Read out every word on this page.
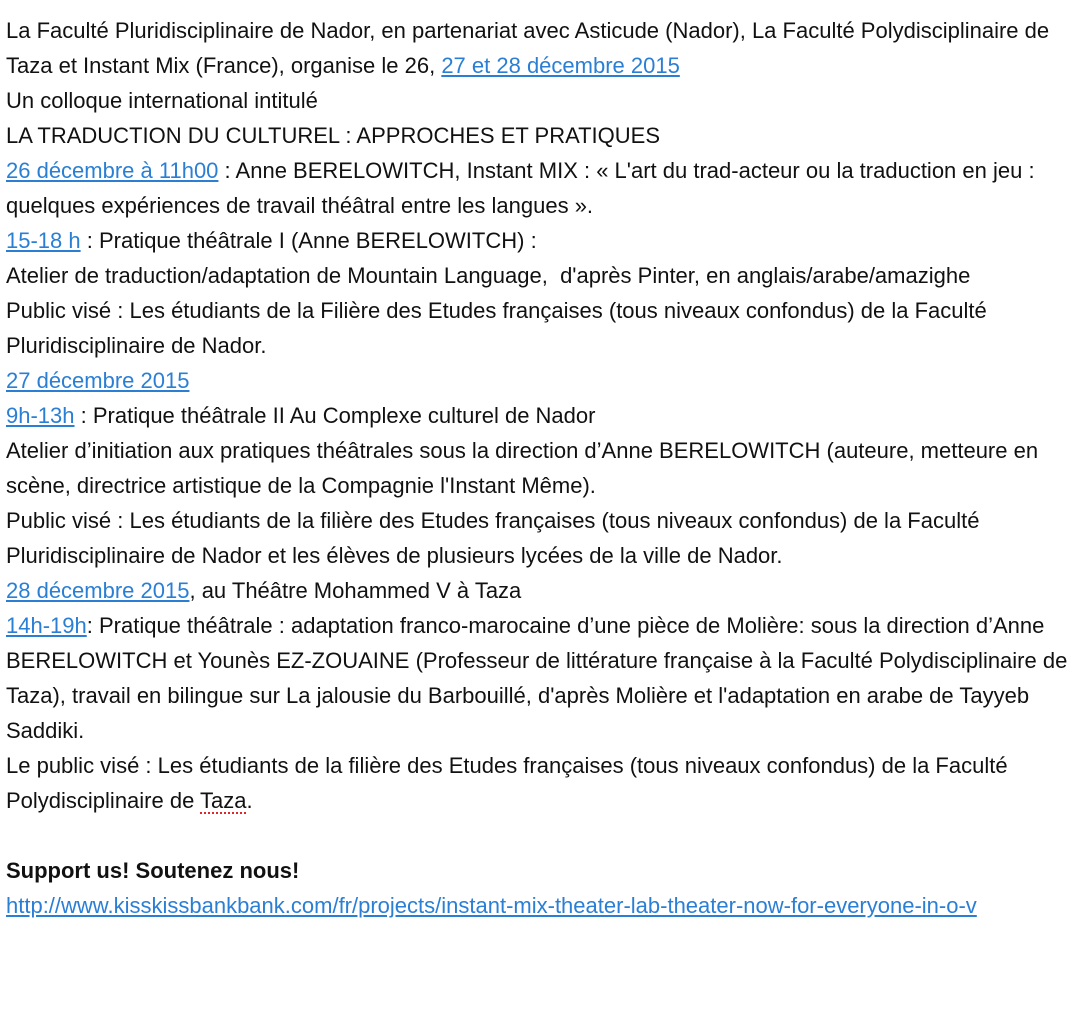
La Faculté Pluridisciplinaire de Nador, en partenariat avec Asticude (Nador), La Faculté Polydisciplinaire de Taza et Instant Mix (France), organise le 26, 27 et 28 décembre 2015
Un colloque international intitulé
LA TRADUCTION DU CULTUREL : APPROCHES ET PRATIQUES
26 décembre à 11h00 : Anne BERELOWITCH, Instant MIX : « L'art du trad-acteur ou la traduction en jeu : quelques expériences de travail théâtral entre les langues ».
15-18 h : Pratique théâtrale I (Anne BERELOWITCH) :
Atelier de traduction/adaptation de Mountain Language,  d'après Pinter, en anglais/arabe/amazighe
Public visé : Les étudiants de la Filière des Etudes françaises (tous niveaux confondus) de la Faculté Pluridisciplinaire de Nador.
27 décembre 2015
9h-13h : Pratique théâtrale II Au Complexe culturel de Nador
Atelier d’initiation aux pratiques théâtrales sous la direction d’Anne BERELOWITCH (auteure, metteure en scène, directrice artistique de la Compagnie l'Instant Même).
Public visé : Les étudiants de la filière des Etudes françaises (tous niveaux confondus) de la Faculté Pluridisciplinaire de Nador et les élèves de plusieurs lycées de la ville de Nador.
28 décembre 2015, au Théâtre Mohammed V à Taza
14h-19h: Pratique théâtrale : adaptation franco-marocaine d’une pièce de Molière: sous la direction d’Anne BERELOWITCH et Younès EZ-ZOUAINE (Professeur de littérature française à la Faculté Polydisciplinaire de Taza), travail en bilingue sur La jalousie du Barbouillé, d'après Molière et l'adaptation en arabe de Tayyeb Saddiki.
Le public visé : Les étudiants de la filière des Etudes françaises (tous niveaux confondus) de la Faculté Polydisciplinaire de Taza.
Support us! Soutenez nous!
http://www.kisskissbankbank.com/fr/projects/instant-mix-theater-lab-theater-now-for-everyone-in-o-v
